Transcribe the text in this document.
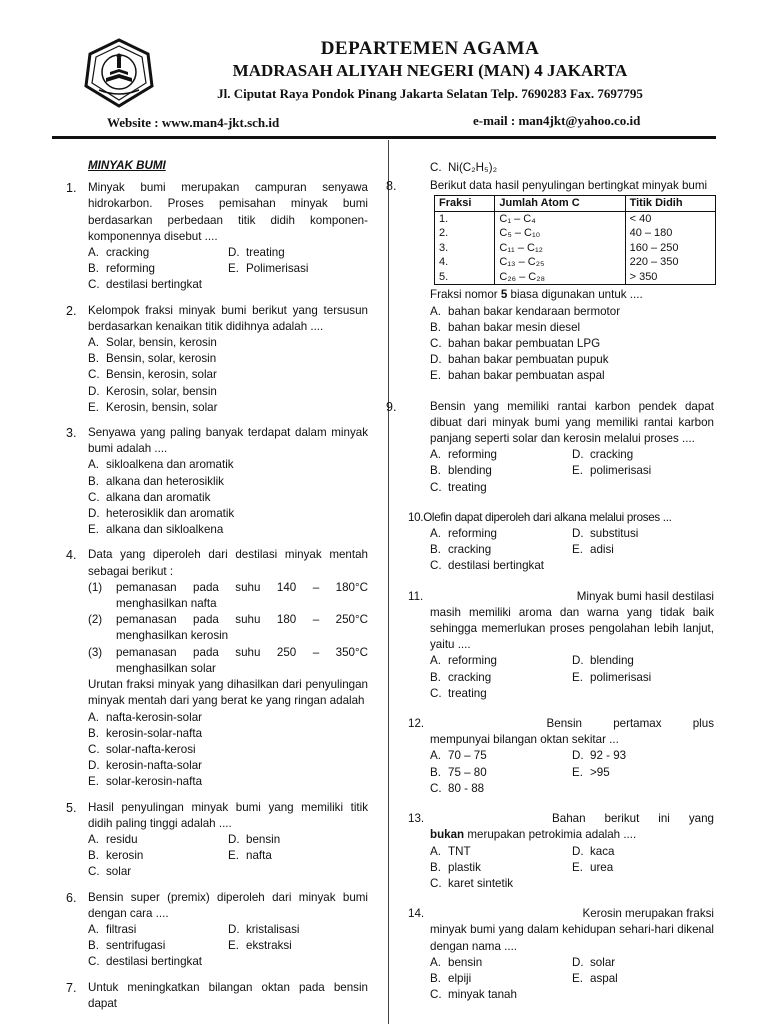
DEPARTEMEN AGAMA
MADRASAH ALIYAH NEGERI (MAN) 4 JAKARTA
Jl. Ciputat Raya Pondok Pinang Jakarta Selatan Telp. 7690283 Fax. 7697795
Website : www.man4-jkt.sch.id	e-mail : man4jkt@yahoo.co.id
MINYAK BUMI
1. Minyak bumi merupakan campuran senyawa hidrokarbon. Proses pemisahan minyak bumi berdasarkan perbedaan titik didih komponen-komponennya disebut ....
A. cracking	D. treating
B. reforming	E. Polimerisasi
C. destilasi bertingkat
2. Kelompok fraksi minyak bumi berikut yang tersusun berdasarkan kenaikan titik didihnya adalah ....
A. Solar, bensin, kerosin
B. Bensin, solar, kerosin
C. Bensin, kerosin, solar
D. Kerosin, solar, bensin
E. Kerosin, bensin, solar
3. Senyawa yang paling banyak terdapat dalam minyak bumi adalah ....
A. sikloalkena dan aromatik
B. alkana dan heterosiklik
C. alkana dan aromatik
D. heterosiklik dan aromatik
E. alkana dan sikloalkena
4. Data yang diperoleh dari destilasi minyak mentah sebagai berikut :
(1)	pemanasan pada suhu 140 – 180°C menghasilkan nafta
(2)	pemanasan pada suhu 180 – 250°C menghasilkan kerosin
(3)	pemanasan pada suhu 250 – 350°C menghasilkan solar
Urutan fraksi minyak yang dihasilkan dari penyulingan minyak mentah dari yang berat ke yang ringan adalah
A. nafta-kerosin-solar
B. kerosin-solar-nafta
C. solar-nafta-kerosi
D. kerosin-nafta-solar
E. solar-kerosin-nafta
5. Hasil penyulingan minyak bumi yang memiliki titik didih paling tinggi adalah ....
A. residu	D. bensin
B. kerosin	E. nafta
C. solar
6. Bensin super (premix) diperoleh dari minyak bumi dengan cara ....
A. filtrasi	D. kristalisasi
B. sentrifugasi	E. ekstraksi
C. destilasi bertingkat
7. Untuk meningkatkan bilangan oktan pada bensin dapat
C. Ni(C₂H₅)₂
8.	Berikut data hasil penyulingan bertingkat minyak bumi
Fraksi	Jumlah Atom C	Titik Didih
1.	C₁ – C₄	< 40
2.	C₅ – C₁₀	40 – 180
3.	C₁₁ – C₁₂	160 – 250
4.	C₁₃ – C₂₅	220 – 350
5.	C₂₆ – C₂₈	> 350
Fraksi nomor 5 biasa digunakan untuk ....
A. bahan bakar kendaraan bermotor
B. bahan bakar mesin diesel
C. bahan bakar pembuatan LPG
D. bahan bakar pembuatan pupuk
E. bahan bakar pembuatan aspal
9.	Bensin yang memiliki rantai karbon pendek dapat dibuat dari minyak bumi yang memiliki rantai karbon panjang seperti solar dan kerosin melalui proses ....
A. reforming	D. cracking
B. blending	E. polimerisasi
C. treating
10.Olefin dapat diperoleh dari alkana melalui proses ...
A. reforming	D. substitusi
B. cracking	E. adisi
C. destilasi bertingkat
11.	Minyak bumi hasil destilasi
masih memiliki aroma dan warna yang tidak baik sehingga memerlukan proses pengolahan lebih lanjut, yaitu ....
A. reforming	D. blending
B. cracking	E. polimerisasi
C. treating
12.	Bensin	pertamax	plus
mempunyai bilangan oktan sekitar ...
A. 70 – 75	D. 92 - 93
B. 75 – 80	E. >95
C. 80 - 88
13.	Bahan berikut ini yang
bukan merupakan petrokimia adalah ....
A. TNT	D. kaca
B. plastik	E. urea
C. karet sintetik
14.	Kerosin merupakan fraksi
minyak bumi yang dalam kehidupan sehari-hari dikenal dengan nama ....
A. bensin	D. solar
B. elpiji	E. aspal
C. minyak tanah
